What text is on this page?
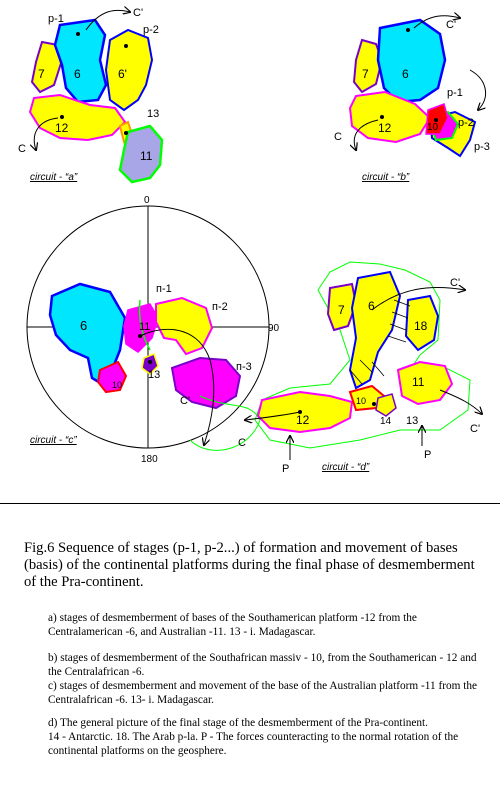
p-1
p-2
C'
C
6	6'
7
12
13
11
circuit - “a”
p-1
p-2
p-3
C'
C
6
7
12	10
circuit - “b”
0
90
180
п-1
п-2
п-3
C'
6	11
10
13
circuit - “c”
C'
C
C'
P
P
7 6
18
11
12
10
14 13
circuit - “d”

Fig.6 Sequence of stages (p-1, p-2...) of formation and movement of bases (basis) of the continental platforms during the final phase of desmemberment of the Pra-continent.

a) stages of desmemberment of bases of the Southamerican platform -12 from the Centralamerican -6, and Australian -11. 13 - i. Madagascar.

b) stages of desmemberment of the Southafrican massiv - 10, from the Southamerican - 12 and the Centralafrican -6.

c) stages of desmemberment and movement of the base of the Australian platform -11 from the Centralafrican -6. 13- i. Madagascar.

d) The general picture of the final stage of the desmemberment of the Pra-continent.

14 - Antarctic. 18. The Arab p-la. P - The forces counteracting to the normal rotation of the continental platforms on the geosphere.
